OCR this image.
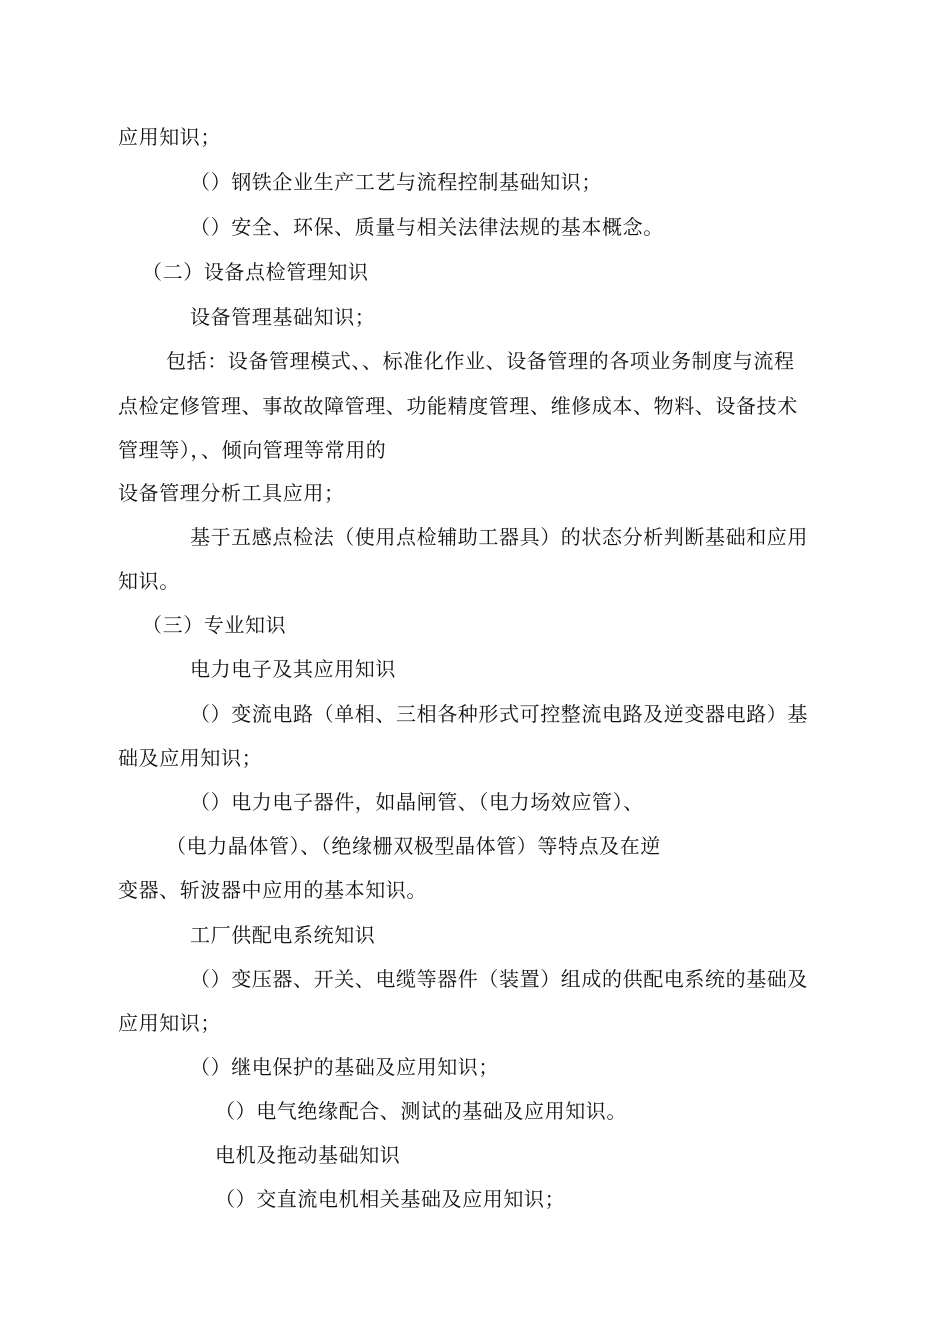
应用知识；
（）钢铁企业生产工艺与流程控制基础知识；
（）安全、环保、质量与相关法律法规的基本概念。
（二）设备点检管理知识
设备管理基础知识；
包括：设备管理模式、、标准化作业、设备管理的各项业务制度与流程
点检定修管理、事故故障管理、功能精度管理、维修成本、物料、设备技术
管理等），、倾向管理等常用的
设备管理分析工具应用；
基于五感点检法（使用点检辅助工器具）的状态分析判断基础和应用
知识。
（三）专业知识
电力电子及其应用知识
（）变流电路（单相、三相各种形式可控整流电路及逆变器电路）基
础及应用知识；
（）电力电子器件，如晶闸管、（电力场效应管）、
（电力晶体管）、（绝缘栅双极型晶体管）等特点及在逆
变器、斩波器中应用的基本知识。
工厂供配电系统知识
（）变压器、开关、电缆等器件（装置）组成的供配电系统的基础及
应用知识；
（）继电保护的基础及应用知识；
（）电气绝缘配合、测试的基础及应用知识。
电机及拖动基础知识
（）交直流电机相关基础及应用知识；
